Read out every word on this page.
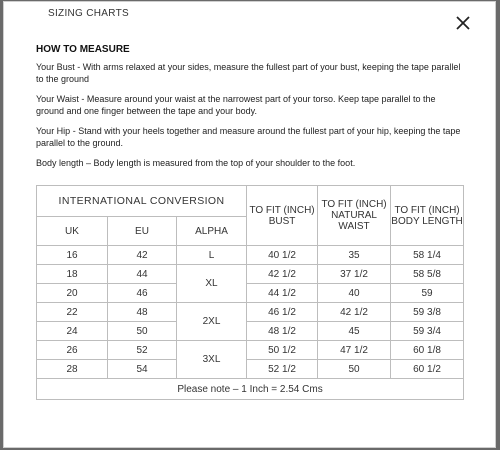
SIZING CHARTS

HOW TO MEASURE

Your Bust - With arms relaxed at your sides, measure the fullest part of your bust, keeping the tape parallel to the ground

Your Waist - Measure around your waist at the narrowest part of your torso. Keep tape parallel to the ground and one finger between the tape and your body.

Your Hip - Stand with your heels together and measure around the fullest part of your hip, keeping the tape parallel to the ground.

Body length – Body length is measured from the top of your shoulder to the foot.

INTERNATIONAL CONVERSION			TO FIT (INCH) BUST	TO FIT (INCH) NATURAL WAIST	TO FIT (INCH) BODY LENGTH
UK	EU	ALPHA			
16	42	L	40 1/2	35	58 1/4
18	44	XL	42 1/2	37 1/2	58 5/8
20	46		44 1/2	40	59
22	48	2XL	46 1/2	42 1/2	59 3/8
24	50		48 1/2	45	59 3/4
26	52	3XL	50 1/2	47 1/2	60 1/8
28	54		52 1/2	50	60 1/2
Please note – 1 Inch = 2.54 Cms					
